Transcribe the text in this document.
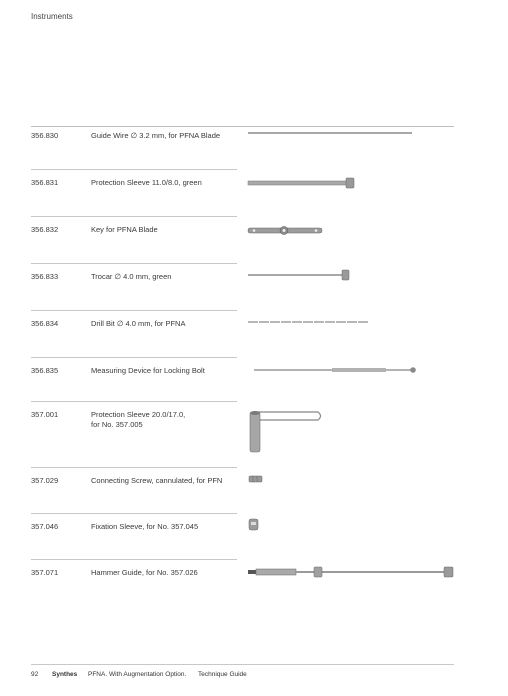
Instruments
356.830	Guide Wire ∅ 3.2 mm, for PFNA Blade
356.831	Protection Sleeve 11.0/8.0, green
356.832	Key for PFNA Blade
356.833	Trocar ∅ 4.0 mm, green
356.834	Drill Bit ∅ 4.0 mm, for PFNA
356.835	Measuring Device for Locking Bolt
357.001	Protection Sleeve 20.0/17.0,
for No. 357.005
357.029	Connecting Screw, cannulated, for PFN
357.046	Fixation Sleeve, for No. 357.045
357.071	Hammer Guide, for No. 357.026
92 Synthes PFNA. With Augmentation Option. Technique Guide
